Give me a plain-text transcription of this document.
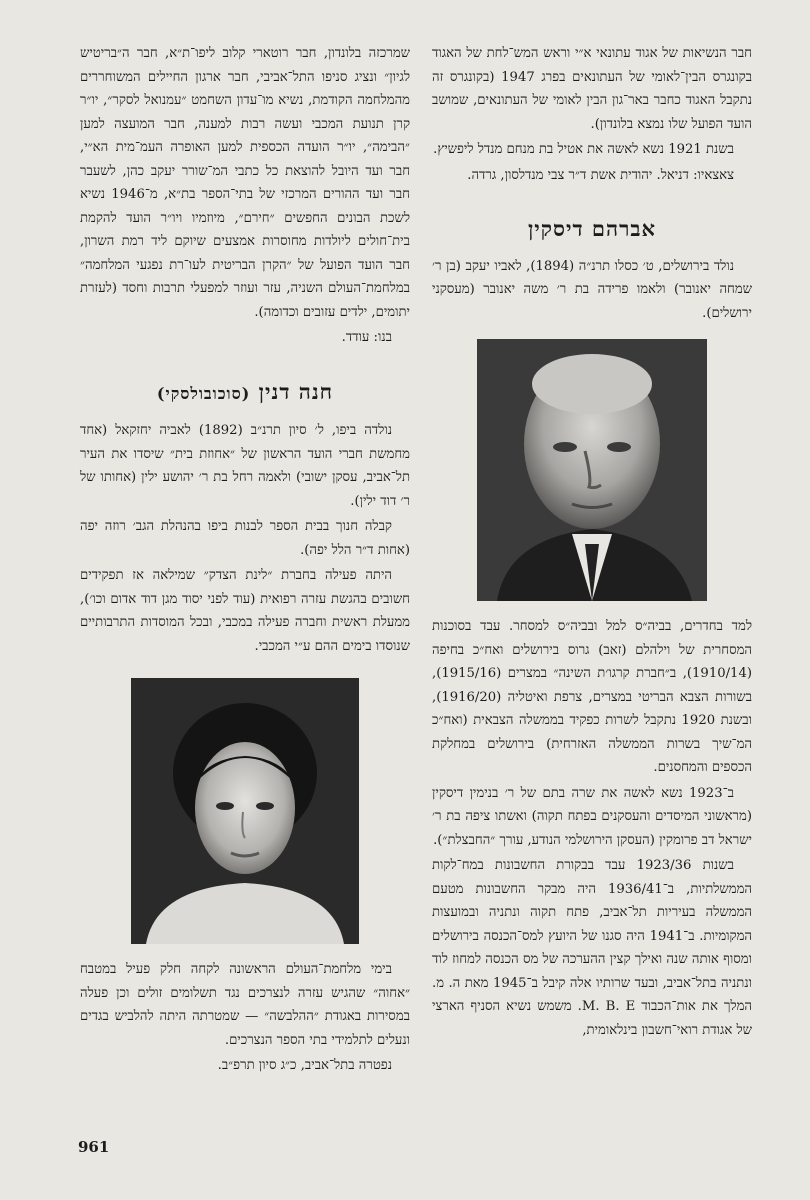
חבר הנשיאות של אגוד עתונאי א״י וראש המש־לחת של האגוד בקונגרס הבין־לאומי של העתונאים בפרג 1947 (בקונגרס זה נתקבל האגוד כחבר באר־גון הבין לאומי של העתונאים, שמושב הועד הפועל שלו נמצא בלונדון).

בשנת 1921 נשא לאשה את אטיל בת מנחם מנדל ליפשיץ.

צאצאיו: דניאל. יהודית אשת ד״ר צבי מנדלסון, גרדה.

אברהם דיסקין

נולד בירושלים, ט׳ כסלו תרנ״ה (1894), לאביו יעקב (בן ר׳ שמחה יאנובר) ולאמו פרידה בת ר׳ משה יאנובר (מעסקני ירושלים).

למד בחדרים, בביה״ס למל ובביה״ס למסחר. עבד בסוכנות המסחרית של וילהלם (זאב) גרוס בירושלים ואח״כ בחיפה (1910/14), ב״חברת קרגו׳ת השינה״ במצרים (1915/16), בשורות הצבא הבריטי במצרים, צרפת ואיטליה (1916/20), ובשנת 1920 נתקבל לשרות כפקיד בממשלה הצבאית (ואח״כ המ־שיך בשרות הממשלה האזרחית) בירושלים במחלקת הכספים והמחסנים.

ב־1923 נשא לאשה את שרה בתם של ר׳ בנימין דיסקין (מראשוני המיסדים והעסקנים בפתח תקוה) ואשתו ציפה בת ר׳ ישראל דב פרומקין (העסקן הירושלמי הנודע, עורך ״החבצלת״).

בשנות 1923/36 עבד בבקורת החשבונות במח־לקות הממשלתיות, ב־1936/41 היה מבקר החשבונות מטעם הממשלה בעיריות תל־אביב, פתח תקוה ונתניה ובמועצות המקומיות. ב־1941 היה סגנו של היועץ למס־הכנסה בירושלים ומסוף אותה שנה ואילך קצין ההערכה של מס הכנסה למחוז לוד ונתניה בתל־אביב, ובעד שרותיו אלה קיבל ב־1945 מאת ה. מ. המלך את אות־הכבוד M. B. E. משמש נשיא הסניף הארצי של אגודת רואי־חשבון בינלאומית,

שמרכזה בלונדון, חבר רוטארי קלוב ליפו־ת״א, חבר ה״בריטיש לגיון״ ונציג סניפו התל־אביבי, חבר ארגון החיילים המשוחררים מהמלחמה הקודמת, נשיא מו־עדון השחמט ״עמנואל לסקר״, יו״ר קרן תנועת המכבי ועשה רבות למענה, חבר המועצה למען ״הבימה״, יו״ר הועדה הכספית למען האופרה העמ־מית הא״י, חבר ועד היובל להוצאת כל כתבי המ־שורר יעקב כהן, לשעבר חבר ועד ההורים המרכזי של בתי־הספר בת״א, מ־1946 נשיא לשכת הבונים החפשים ״חירם״, מיוזמיו ויו״ר הועד להקמת בית־חולים ליולדות מחוסרות אמצעים שיוקם ליד רמת השרון, חבר הועד הפועל של ״הקרן הבריטית לעו־רת נפגעי המלחמה״ במלחמת־העולם השניה, עזר ועוזר למפעלי תרבות וחסד (לעזרת יתומים, ילדים עזובים וכדומה).

בנו: עודד.

חנה דנין (סוכובולסקי)

נולדה ביפו, ל׳ סיון תרנ״ב (1892) לאביה יחזקאל (אחד מחמשת חברי הועד הראשון של ״אחוזת בית״ שיסדו את העיר תל־אביב, עסקן ישובי) ולאמה רחל בת ר׳ יהושע ילין (אחותו של ר׳ דוד ילין).

קבלה חנוך בבית הספר לבנות ביפו בהנהלת הגב׳ רוזה יפה (אחות ד״ר הלל יפה).

היתה פעילה בחברת ״לינת הצדק״ שמילאה אז תפקידים חשובים בהגשת עזרה רפואית (עוד לפני יסוד מגן דוד אדום וכו׳), ממעלת ראשית וחברה פעילה במכבי, ובכל המוסדות התרבותיים שנוסדו בימים ההם ע״י המכבי.

בימי מלחמת־העולם הראשונה לקחה חלק פעיל במטבח ״אחוה״ שהגיש עזרה לנצרכים נגד תשלומים זולים וכן פעלה במסירות באגודת ״ההלבשה״ — שמטרתה היתה להלביש בגדים ונעלים לתלמידי בתי הספר הנצרכים.

נפטרה בתל־אביב, כ״ג סיון תרפ״ב.

961
